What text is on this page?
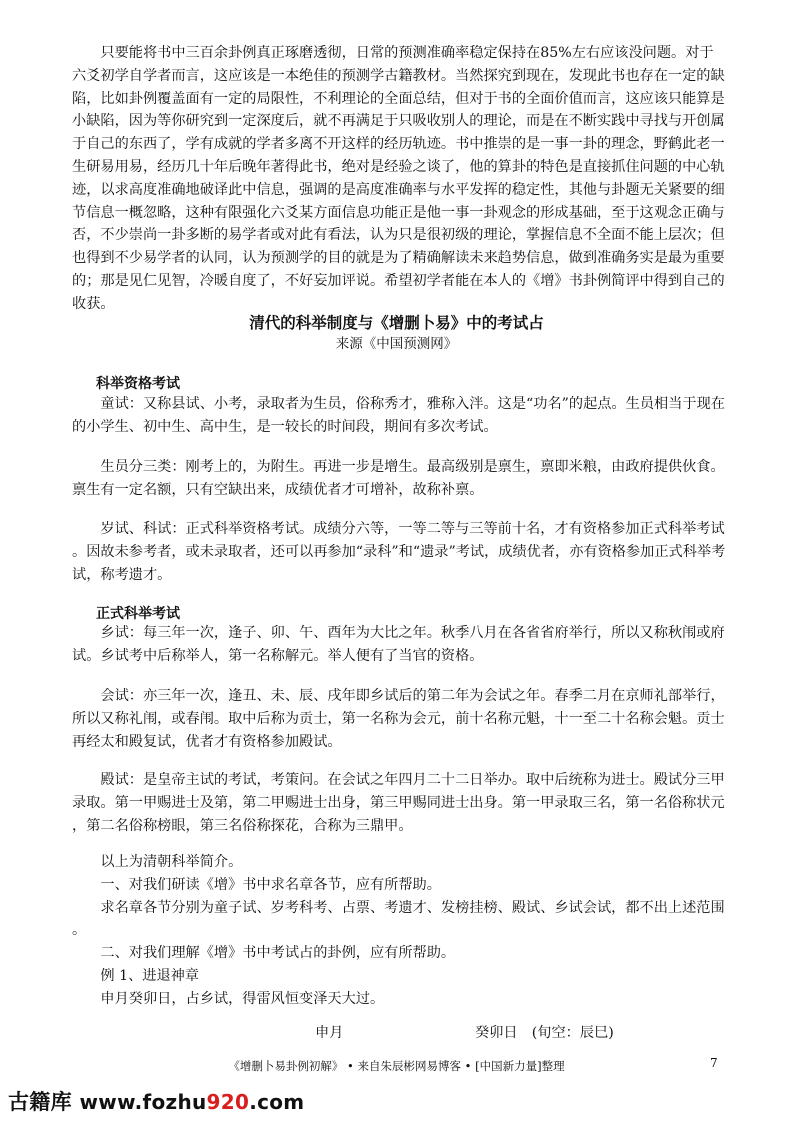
　　只要能将书中三百余卦例真正琢磨透彻，日常的预测准确率稳定保持在85%左右应该没问题。对于
六爻初学自学者而言，这应该是一本绝佳的预测学古籍教材。当然探究到现在，发现此书也存在一定的缺
陷，比如卦例覆盖面有一定的局限性，不利理论的全面总结，但对于书的全面价值而言，这应该只能算是
小缺陷，因为等你研究到一定深度后，就不再满足于只吸收别人的理论，而是在不断实践中寻找与开创属
于自己的东西了，学有成就的学者多离不开这样的经历轨迹。书中推崇的是一事一卦的理念，野鹤此老一
生研易用易，经历几十年后晚年著得此书，绝对是经验之谈了，他的算卦的特色是直接抓住问题的中心轨
迹，以求高度准确地破译此中信息，强调的是高度准确率与水平发挥的稳定性，其他与卦题无关紧要的细
节信息一概忽略，这种有限强化六爻某方面信息功能正是他一事一卦观念的形成基础，至于这观念正确与
否，不少崇尚一卦多断的易学者或对此有看法，认为只是很初级的理论，掌握信息不全面不能上层次；但
也得到不少易学者的认同，认为预测学的目的就是为了精确解读未来趋势信息，做到准确务实是最为重要
的；那是见仁见智，冷暖自度了，不好妄加评说。希望初学者能在本人的《增》书卦例简评中得到自己的
收获。
清代的科举制度与《增删卜易》中的考试占

来源《中国预测网》

科举资格考试
　　童试：又称县试、小考，录取者为生员，俗称秀才，雅称入泮。这是“功名”的起点。生员相当于现在
的小学生、初中生、高中生，是一较长的时间段，期间有多次考试。
　　生员分三类：刚考上的，为附生。再进一步是增生。最高级别是禀生，禀即米粮，由政府提供伙食。
禀生有一定名额，只有空缺出来，成绩优者才可增补，故称补禀。
　　岁试、科试：正式科举资格考试。成绩分六等，一等二等与三等前十名，才有资格参加正式科举考试
。因故未参考者，或未录取者，还可以再参加“录科”和“遗录”考试，成绩优者，亦有资格参加正式科举考
试，称考遗才。
正式科举考试
　　乡试：每三年一次，逢子、卯、午、酉年为大比之年。秋季八月在各省省府举行，所以又称秋闱或府
试。乡试考中后称举人，第一名称解元。举人便有了当官的资格。
　　会试：亦三年一次，逢丑、未、辰、戌年即乡试后的第二年为会试之年。春季二月在京师礼部举行，
所以又称礼闱，或春闱。取中后称为贡士，第一名称为会元，前十名称元魁，十一至二十名称会魁。贡士
再经太和殿复试，优者才有资格参加殿试。
　　殿试：是皇帝主试的考试，考策问。在会试之年四月二十二日举办。取中后统称为进士。殿试分三甲
录取。第一甲赐进士及第，第二甲赐进士出身，第三甲赐同进士出身。第一甲录取三名，第一名俗称状元
，第二名俗称榜眼，第三名俗称探花，合称为三鼎甲。
　　以上为清朝科举简介。
　　一、对我们研读《增》书中求名章各节，应有所帮助。
　　求名章各节分别为童子试、岁考科考、占票、考遗才、发榜挂榜、殿试、乡试会试，都不出上述范围
。
　　二、对我们理解《增》书中考试占的卦例，应有所帮助。
　　例 1、进退神章
　　申月癸卯日，占乡试，得雷风恒变泽天大过。
申月	癸卯日　(旬空：辰巳)

《增删卜易卦例初解》 • 来自朱辰彬网易博客 • [中国新力量]整理	7
古籍库 www.fozhu920.com
